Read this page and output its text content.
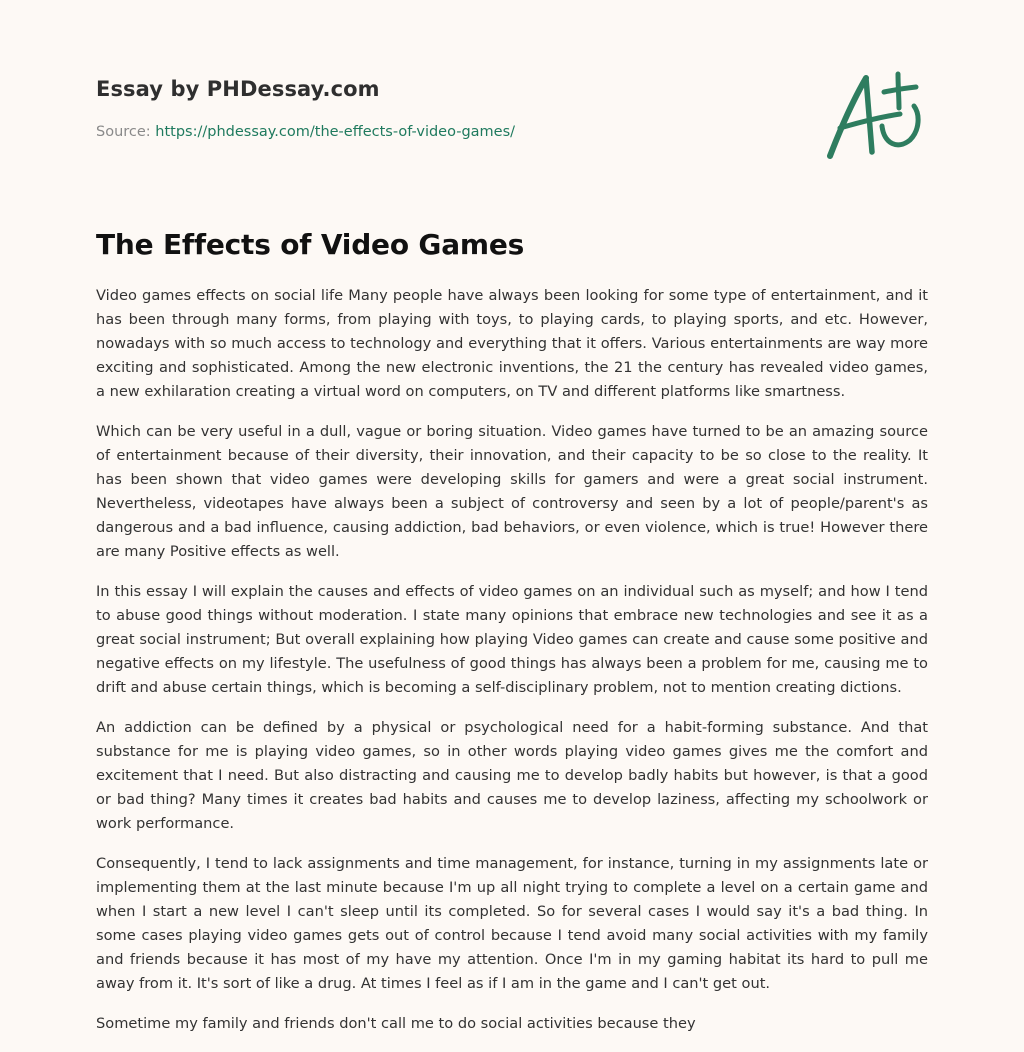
Essay by PHDessay.com
Source: https://phdessay.com/the-effects-of-video-games/
The Effects of Video Games

Video games effects on social life Many people have always been looking for some type of entertainment, and it has been through many forms, from playing with toys, to playing cards, to playing sports, and etc. However, nowadays with so much access to technology and everything that it offers. Various entertainments are way more exciting and sophisticated. Among the new electronic inventions, the 21 the century has revealed video games, a new exhilaration creating a virtual word on computers, on TV and different platforms like smartness.

Which can be very useful in a dull, vague or boring situation. Video games have turned to be an amazing source of entertainment because of their diversity, their innovation, and their capacity to be so close to the reality. It has been shown that video games were developing skills for gamers and were a great social instrument. Nevertheless, videotapes have always been a subject of controversy and seen by a lot of people/parent's as dangerous and a bad influence, causing addiction, bad behaviors, or even violence, which is true! However there are many Positive effects as well.

In this essay I will explain the causes and effects of video games on an individual such as myself; and how I tend to abuse good things without moderation. I state many opinions that embrace new technologies and see it as a great social instrument; But overall explaining how playing Video games can create and cause some positive and negative effects on my lifestyle. The usefulness of good things has always been a problem for me, causing me to drift and abuse certain things, which is becoming a self-disciplinary problem, not to mention creating dictions.

An addiction can be defined by a physical or psychological need for a habit-forming substance. And that substance for me is playing video games, so in other words playing video games gives me the comfort and excitement that I need. But also distracting and causing me to develop badly habits but however, is that a good or bad thing? Many times it creates bad habits and causes me to develop laziness, affecting my schoolwork or work performance.

Consequently, I tend to lack assignments and time management, for instance, turning in my assignments late or implementing them at the last minute because I'm up all night trying to complete a level on a certain game and when I start a new level I can't sleep until its completed. So for several cases I would say it's a bad thing. In some cases playing video games gets out of control because I tend avoid many social activities with my family and friends because it has most of my have my attention. Once I'm in my gaming habitat its hard to pull me away from it. It's sort of like a drug. At times I feel as if I am in the game and I can't get out.

Sometime my family and friends don't call me to do social activities because they
